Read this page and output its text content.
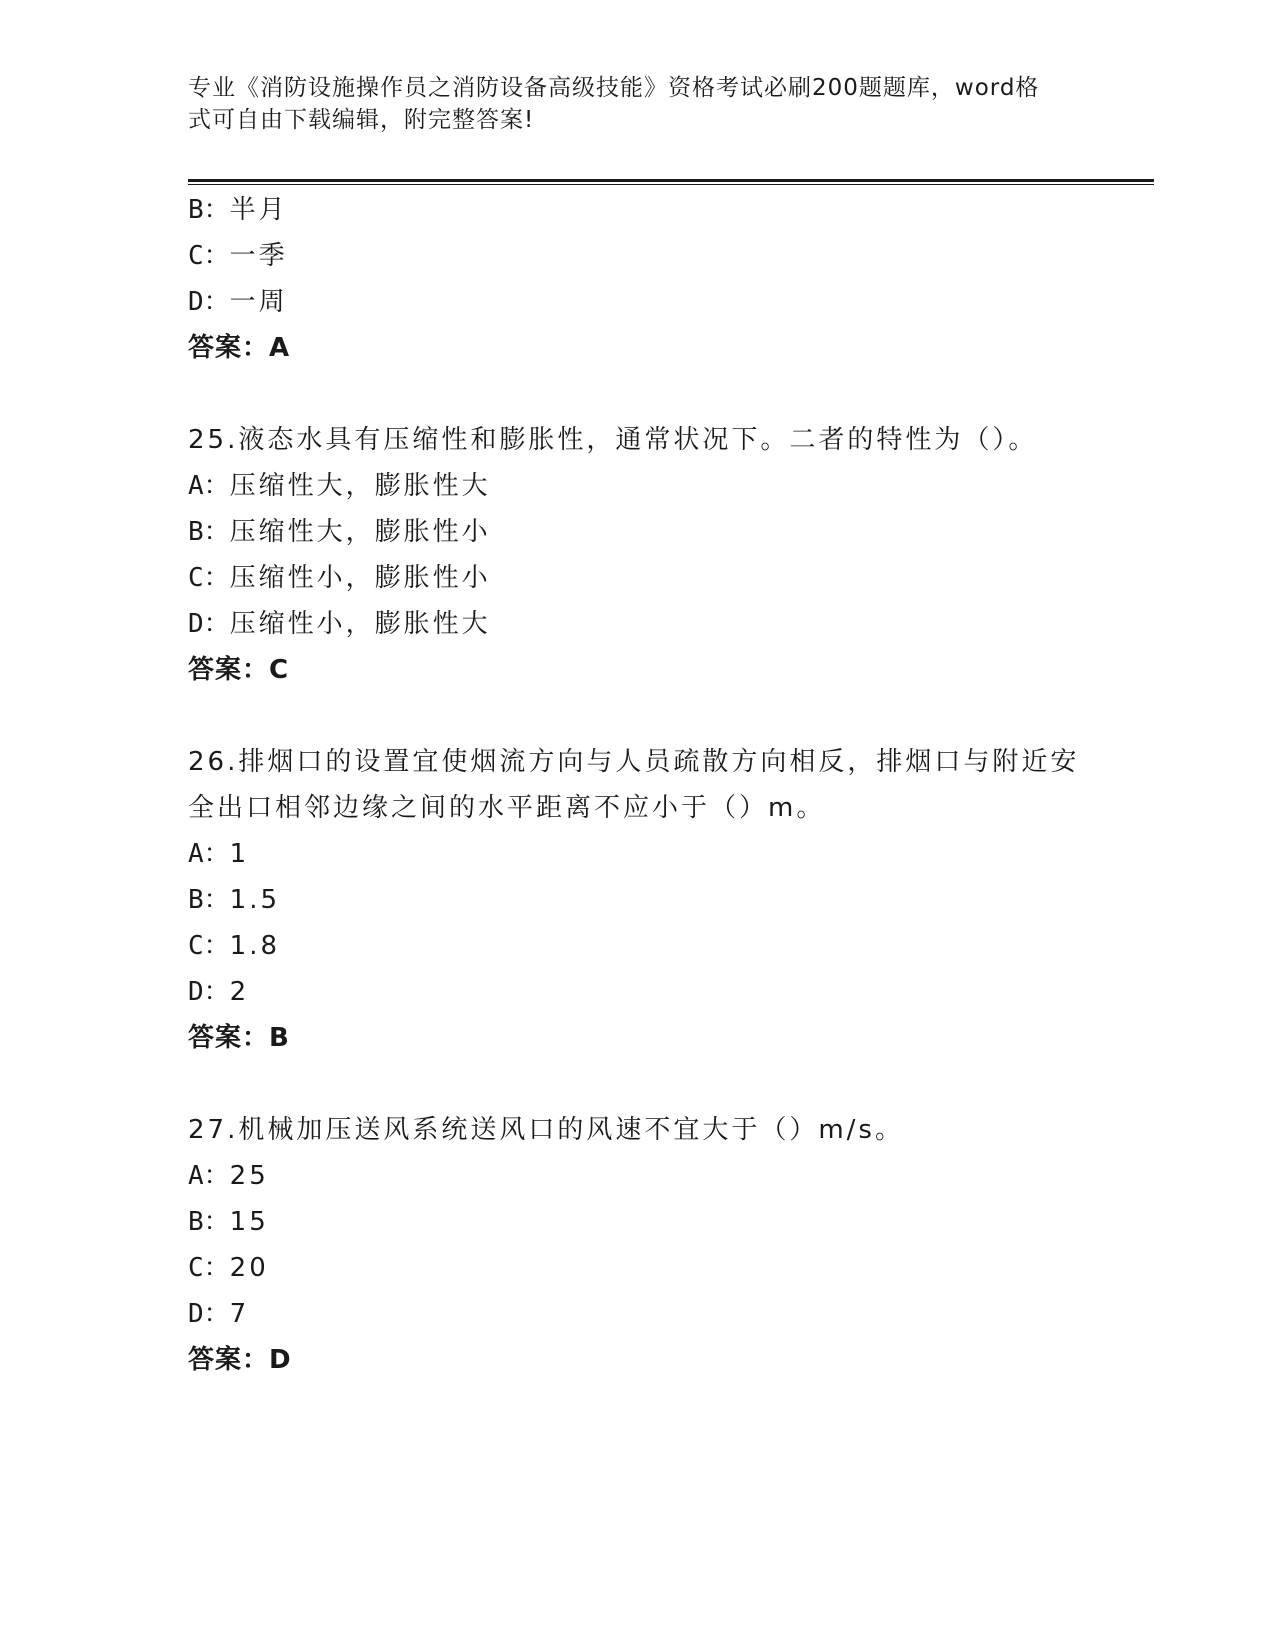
专业《消防设施操作员之消防设备高级技能》资格考试必刷200题题库，word格
式可自由下载编辑，附完整答案!
B：半月
C：一季
D：一周
答案：A
25.液态水具有压缩性和膨胀性，通常状况下。二者的特性为（）。
A：压缩性大，膨胀性大
B：压缩性大，膨胀性小
C：压缩性小，膨胀性小
D：压缩性小，膨胀性大
答案：C
26.排烟口的设置宜使烟流方向与人员疏散方向相反，排烟口与附近安
全出口相邻边缘之间的水平距离不应小于（）m。
A：1
B：1.5
C：1.8
D：2
答案：B
27.机械加压送风系统送风口的风速不宜大于（）m/s。
A：25
B：15
C：20
D：7
答案：D
